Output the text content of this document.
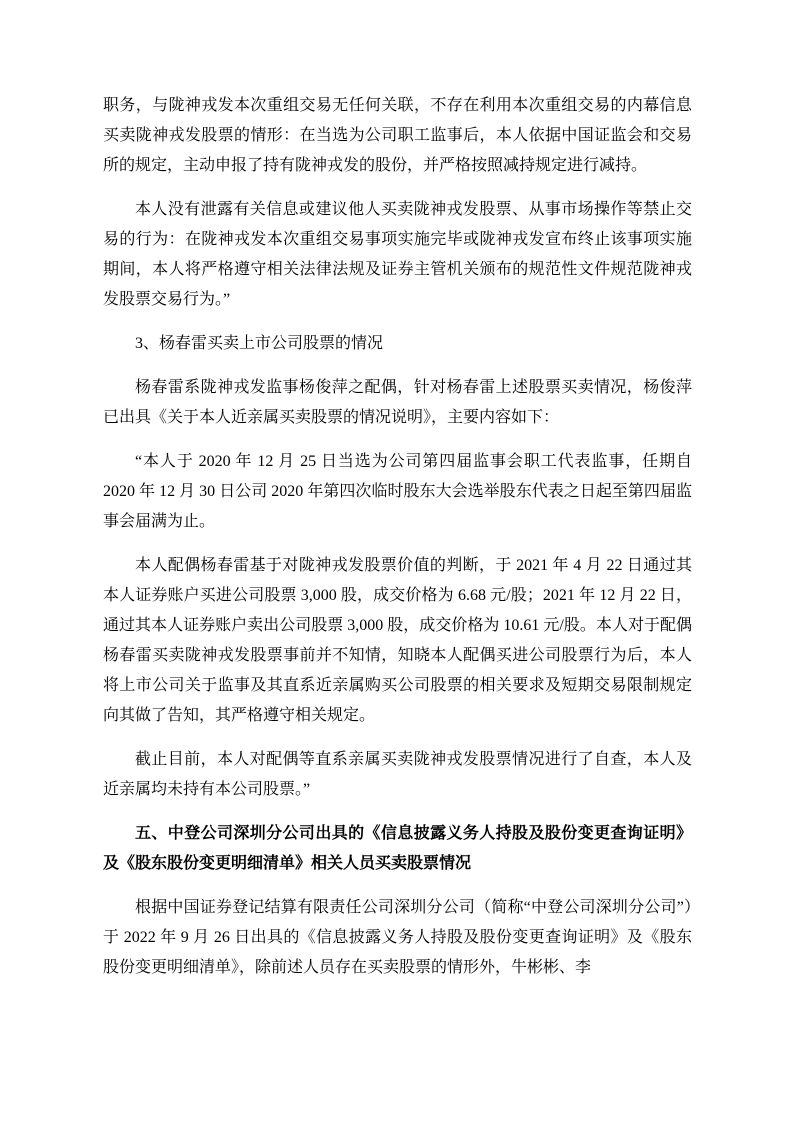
职务，与陇神戎发本次重组交易无任何关联，不存在利用本次重组交易的内幕信息买卖陇神戎发股票的情形：在当选为公司职工监事后，本人依据中国证监会和交易所的规定，主动申报了持有陇神戎发的股份，并严格按照减持规定进行减持。

本人没有泄露有关信息或建议他人买卖陇神戎发股票、从事市场操作等禁止交易的行为：在陇神戎发本次重组交易事项实施完毕或陇神戎发宣布终止该事项实施期间，本人将严格遵守相关法律法规及证券主管机关颁布的规范性文件规范陇神戎发股票交易行为。”

3、杨春雷买卖上市公司股票的情况

杨春雷系陇神戎发监事杨俊萍之配偶，针对杨春雷上述股票买卖情况，杨俊萍已出具《关于本人近亲属买卖股票的情况说明》，主要内容如下：

“本人于 2020 年 12 月 25 日当选为公司第四届监事会职工代表监事，任期自 2020 年 12 月 30 日公司 2020 年第四次临时股东大会选举股东代表之日起至第四届监事会届满为止。

本人配偶杨春雷基于对陇神戎发股票价值的判断，于 2021 年 4 月 22 日通过其本人证券账户买进公司股票 3,000 股，成交价格为 6.68 元/股；2021 年 12 月 22 日，通过其本人证券账户卖出公司股票 3,000 股，成交价格为 10.61 元/股。本人对于配偶杨春雷买卖陇神戎发股票事前并不知情，知晓本人配偶买进公司股票行为后，本人将上市公司关于监事及其直系近亲属购买公司股票的相关要求及短期交易限制规定向其做了告知，其严格遵守相关规定。

截止目前，本人对配偶等直系亲属买卖陇神戎发股票情况进行了自查，本人及近亲属均未持有本公司股票。”

五、中登公司深圳分公司出具的《信息披露义务人持股及股份变更查询证明》及《股东股份变更明细清单》相关人员买卖股票情况

根据中国证券登记结算有限责任公司深圳分公司（简称“中登公司深圳分公司”）于 2022 年 9 月 26 日出具的《信息披露义务人持股及股份变更查询证明》及《股东股份变更明细清单》，除前述人员存在买卖股票的情形外，牛彬彬、李
